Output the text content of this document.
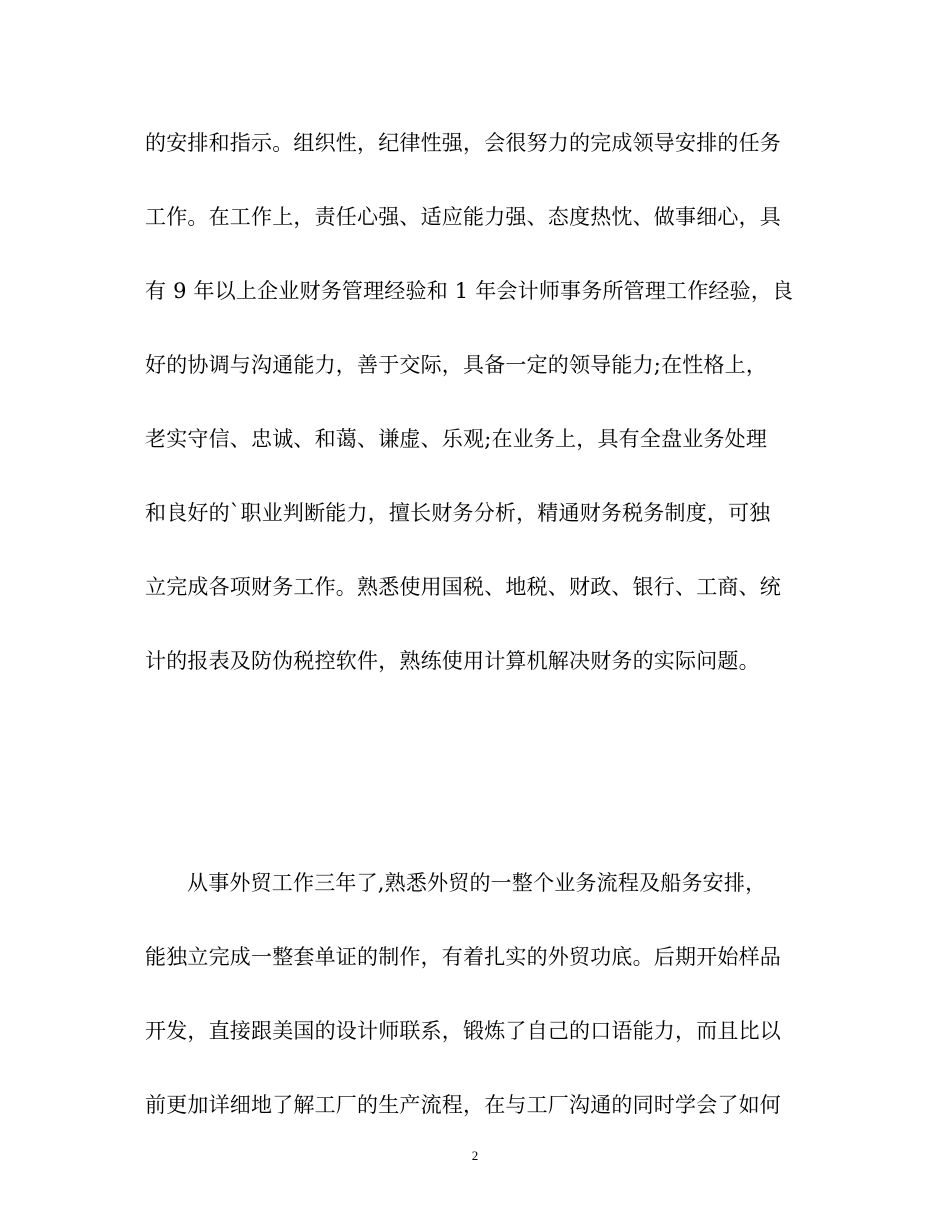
的安排和指示。组织性，纪律性强，会很努力的完成领导安排的任务
工作。在工作上，责任心强、适应能力强、态度热忱、做事细心，具
有 9 年以上企业财务管理经验和 1 年会计师事务所管理工作经验，良
好的协调与沟通能力，善于交际，具备一定的领导能力;在性格上，
老实守信、忠诚、和蔼、谦虚、乐观;在业务上，具有全盘业务处理
和良好的`职业判断能力，擅长财务分析，精通财务税务制度，可独
立完成各项财务工作。熟悉使用国税、地税、财政、银行、工商、统
计的报表及防伪税控软件，熟练使用计算机解决财务的实际问题。
从事外贸工作三年了,熟悉外贸的一整个业务流程及船务安排，
能独立完成一整套单证的制作，有着扎实的外贸功底。后期开始样品
开发，直接跟美国的设计师联系，锻炼了自己的口语能力，而且比以
前更加详细地了解工厂的生产流程，在与工厂沟通的同时学会了如何
2
